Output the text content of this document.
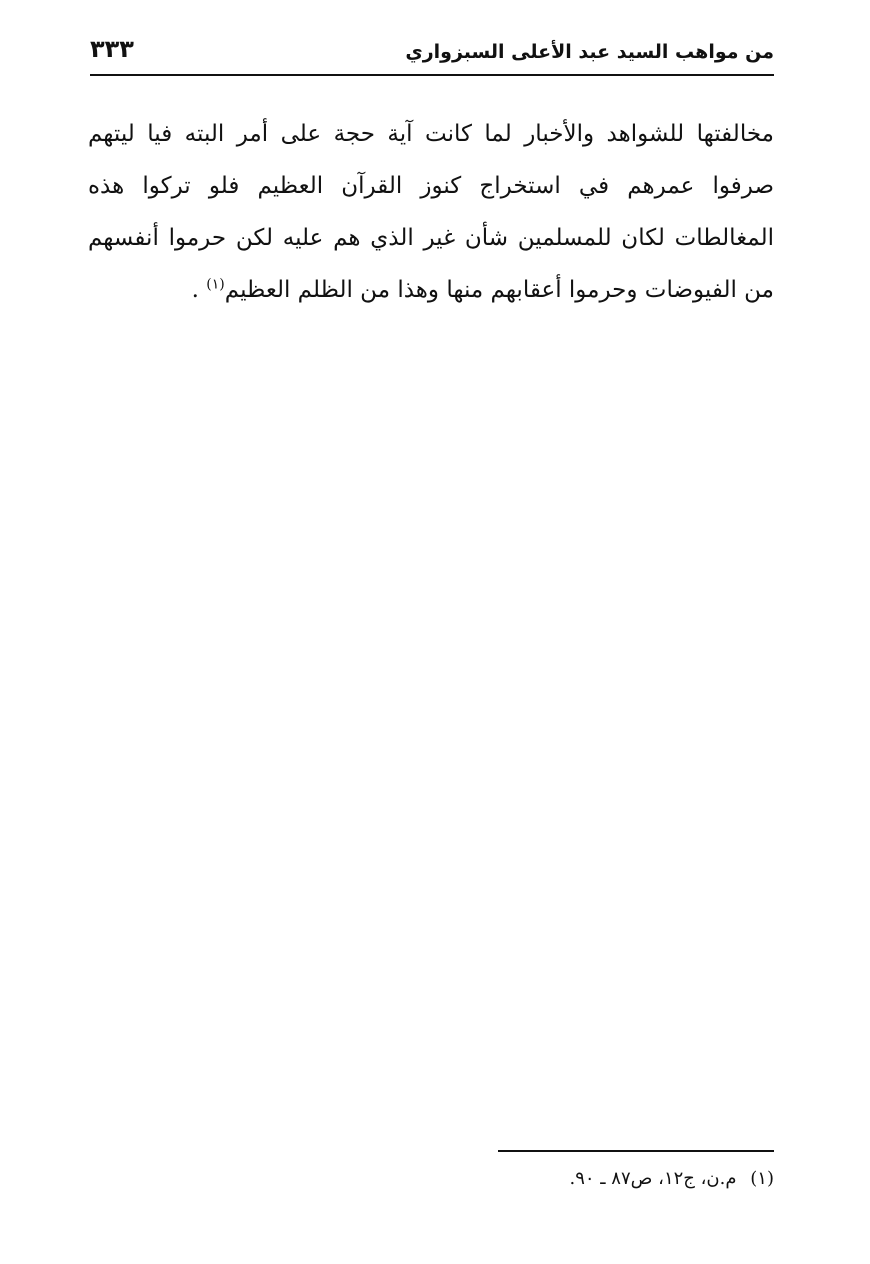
من مواهب السيد عبد الأعلى السبزواري
٣٣٣
مخالفتها للشواهد والأخبار لما كانت آية حجة على أمر البته فيا ليتهم
صرفوا عمرهم في استخراج كنوز القرآن العظيم فلو تركوا هذه
المغالطات لكان للمسلمين شأن غير الذي هم عليه لكن حرموا أنفسهم
من الفيوضات وحرموا أعقابهم منها وهذا من الظلم العظيم$^{(١)}$ .
(١) م.ن، ج١٢، ص٨٧ ـ ٩٠.
